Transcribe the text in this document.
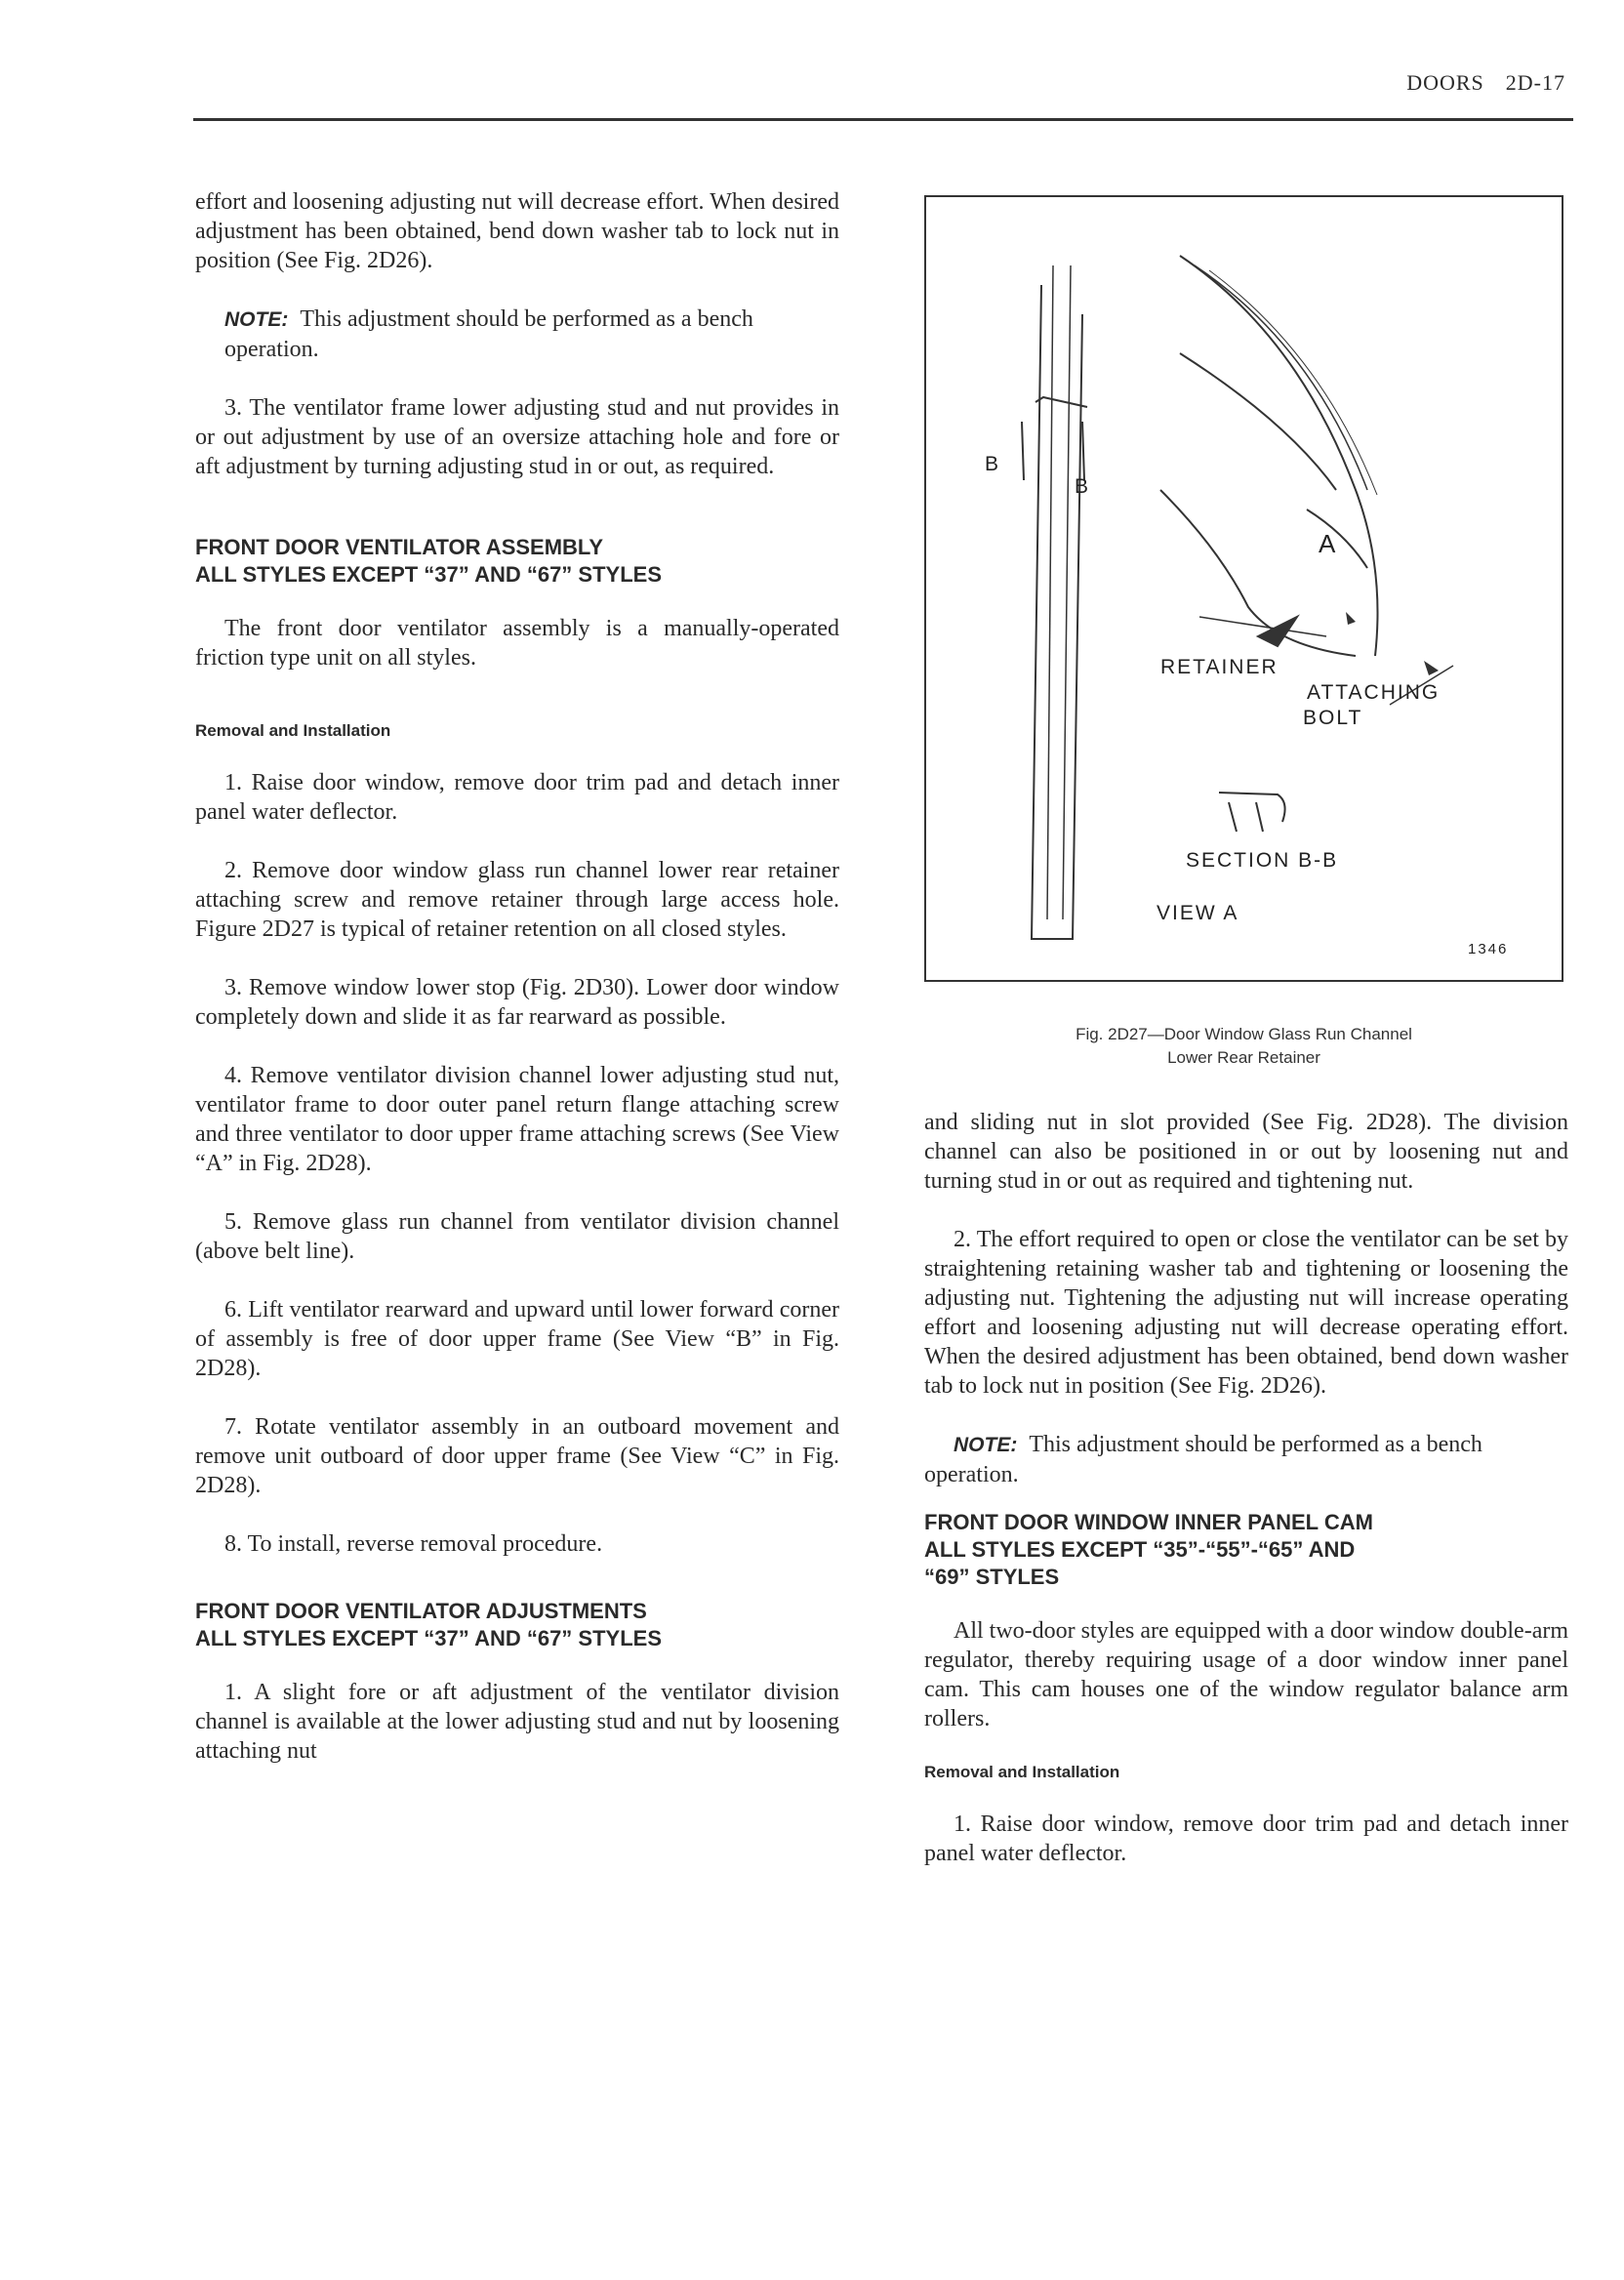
DOORS 2D-17

effort and loosening adjusting nut will decrease effort. When desired adjustment has been obtained, bend down washer tab to lock nut in position (See Fig. 2D26).

NOTE: This adjustment should be performed as a bench operation.

3. The ventilator frame lower adjusting stud and nut provides in or out adjustment by use of an oversize attaching hole and fore or aft adjustment by turning adjusting stud in or out, as required.

FRONT DOOR VENTILATOR ASSEMBLY
ALL STYLES EXCEPT “37” AND “67” STYLES

The front door ventilator assembly is a manually-operated friction type unit on all styles.

Removal and Installation

1. Raise door window, remove door trim pad and detach inner panel water deflector.

2. Remove door window glass run channel lower rear retainer attaching screw and remove retainer through large access hole. Figure 2D27 is typical of retainer retention on all closed styles.

3. Remove window lower stop (Fig. 2D30). Lower door window completely down and slide it as far rearward as possible.

4. Remove ventilator division channel lower adjusting stud nut, ventilator frame to door outer panel return flange attaching screw and three ventilator to door upper frame attaching screws (See View “A” in Fig. 2D28).

5. Remove glass run channel from ventilator division channel (above belt line).

6. Lift ventilator rearward and upward until lower forward corner of assembly is free of door upper frame (See View “B” in Fig. 2D28).

7. Rotate ventilator assembly in an outboard movement and remove unit outboard of door upper frame (See View “C” in Fig. 2D28).

8. To install, reverse removal procedure.

FRONT DOOR VENTILATOR ADJUSTMENTS
ALL STYLES EXCEPT “37” AND “67” STYLES

1. A slight fore or aft adjustment of the ventilator division channel is available at the lower adjusting stud and nut by loosening attaching nut

B
B
A
RETAINER
ATTACHING
BOLT
SECTION B-B
VIEW A
1346
Fig. 2D27—Door Window Glass Run Channel
Lower Rear Retainer

and sliding nut in slot provided (See Fig. 2D28). The division channel can also be positioned in or out by loosening nut and turning stud in or out as required and tightening nut.

2. The effort required to open or close the ventilator can be set by straightening retaining washer tab and tightening or loosening the adjusting nut. Tightening the adjusting nut will increase operating effort and loosening adjusting nut will decrease operating effort. When the desired adjustment has been obtained, bend down washer tab to lock nut in position (See Fig. 2D26).

NOTE: This adjustment should be performed as a bench operation.

FRONT DOOR WINDOW INNER PANEL CAM
ALL STYLES EXCEPT “35”-“55”-“65” AND
“69” STYLES

All two-door styles are equipped with a door window double-arm regulator, thereby requiring usage of a door window inner panel cam. This cam houses one of the window regulator balance arm rollers.

Removal and Installation

1. Raise door window, remove door trim pad and detach inner panel water deflector.
